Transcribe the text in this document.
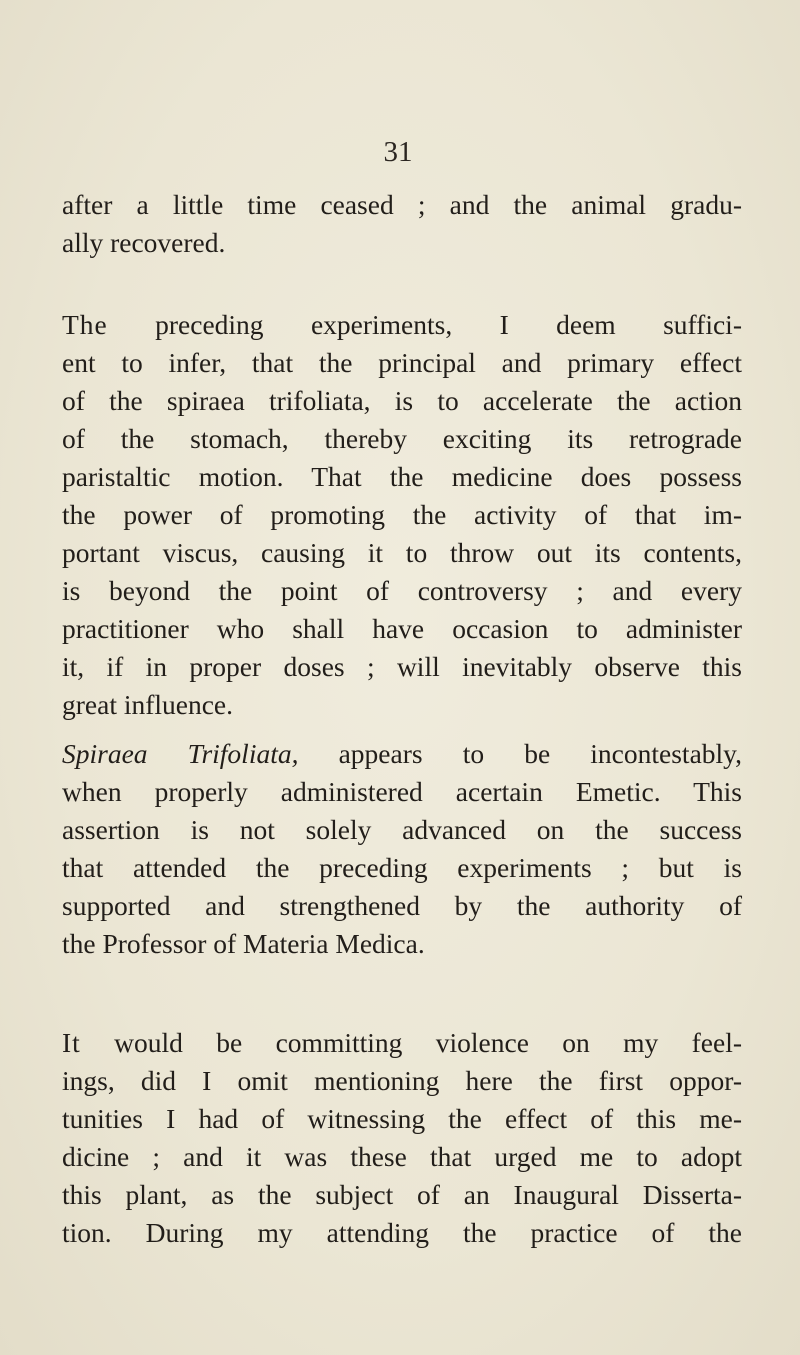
31
after a little time ceased ; and the animal gradu-
ally recovered.
The preceding experiments, I deem suffici-
ent to infer, that the principal and primary effect
of the spiraea trifoliata, is to accelerate the action
of the stomach, thereby exciting its retrograde
paristaltic motion. That the medicine does possess
the power of promoting the activity of that im-
portant viscus, causing it to throw out its contents,
is beyond the point of controversy ; and every
practitioner who shall have occasion to administer
it, if in proper doses ; will inevitably observe this
great influence.
Spiraea Trifoliata, appears to be incontestably,
when properly administered acertain Emetic. This
assertion is not solely advanced on the success
that attended the preceding experiments ; but is
supported and strengthened by the authority of
the Professor of Materia Medica.
It would be committing violence on my feel-
ings, did I omit mentioning here the first oppor-
tunities I had of witnessing the effect of this me-
dicine ; and it was these that urged me to adopt
this plant, as the subject of an Inaugural Disserta-
tion. During my attending the practice of the
